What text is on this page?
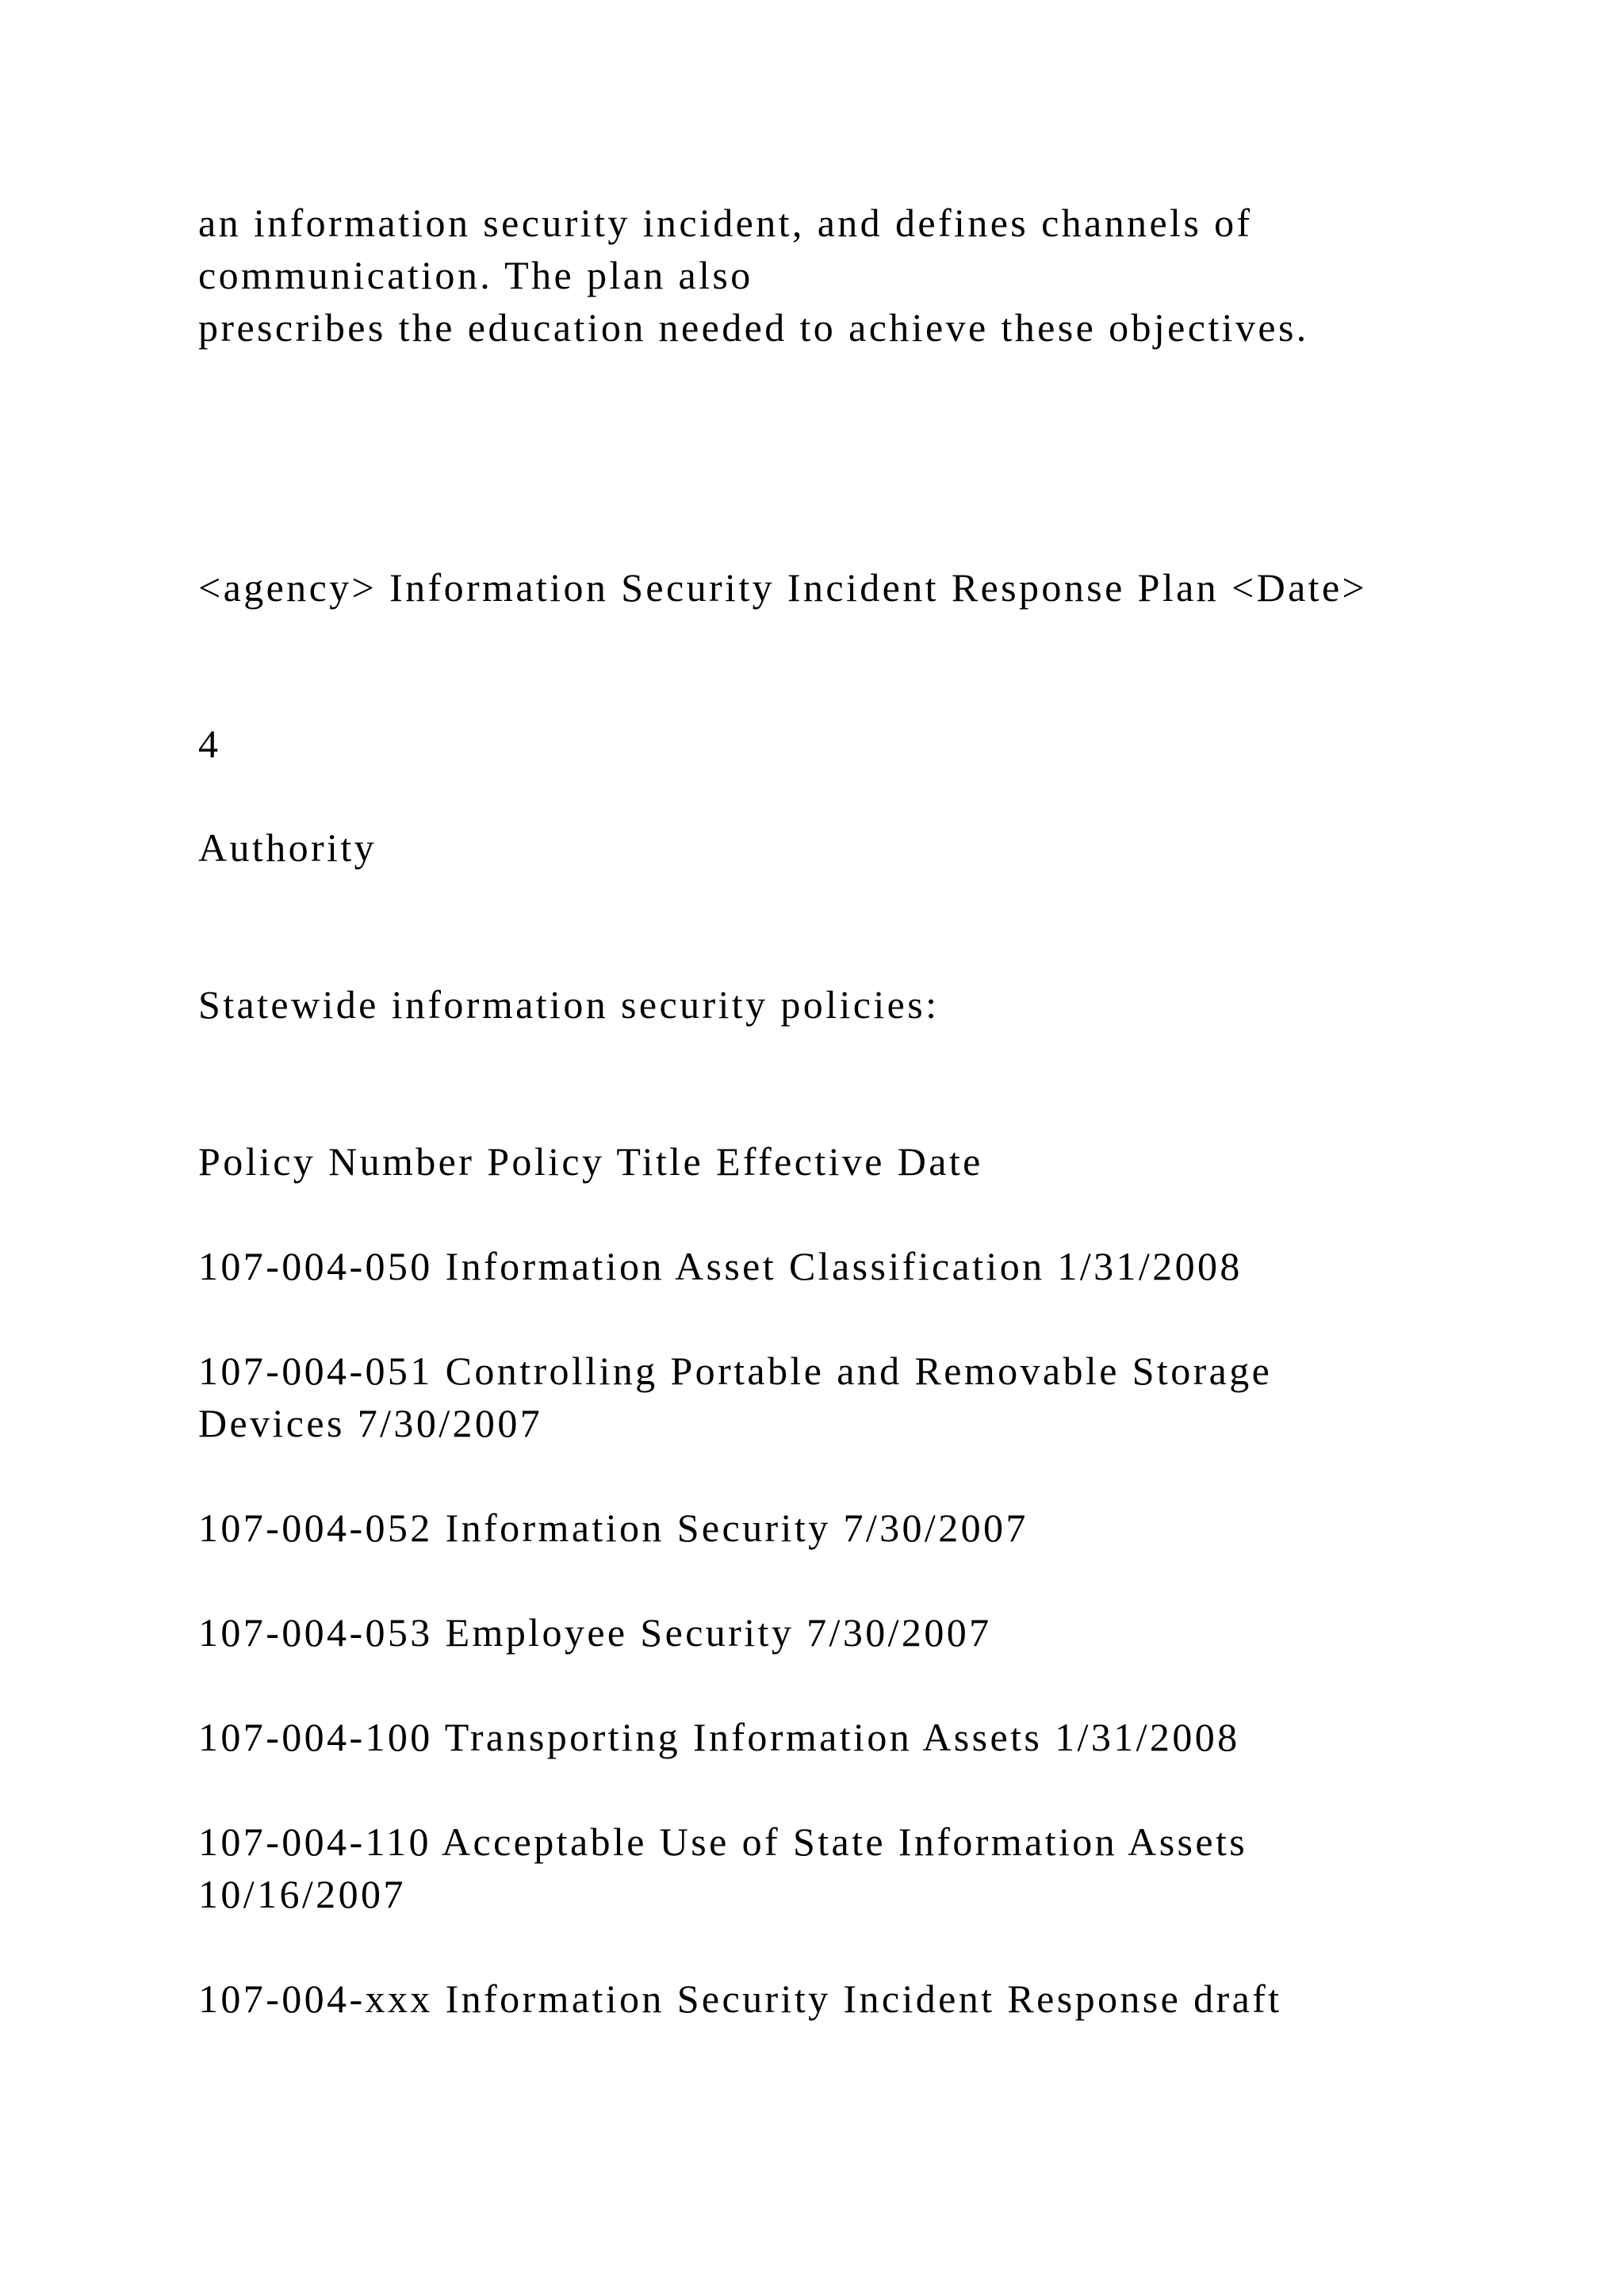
an information security incident, and defines channels of

communication. The plan also

prescribes the education needed to achieve these objectives.

<agency> Information Security Incident Response Plan <Date>

4

Authority

Statewide information security policies:

Policy Number Policy Title Effective Date

107-004-050 Information Asset Classification 1/31/2008

107-004-051 Controlling Portable and Removable Storage

Devices 7/30/2007

107-004-052 Information Security 7/30/2007

107-004-053 Employee Security 7/30/2007

107-004-100 Transporting Information Assets 1/31/2008

107-004-110 Acceptable Use of State Information Assets

10/16/2007

107-004-xxx Information Security Incident Response draft
